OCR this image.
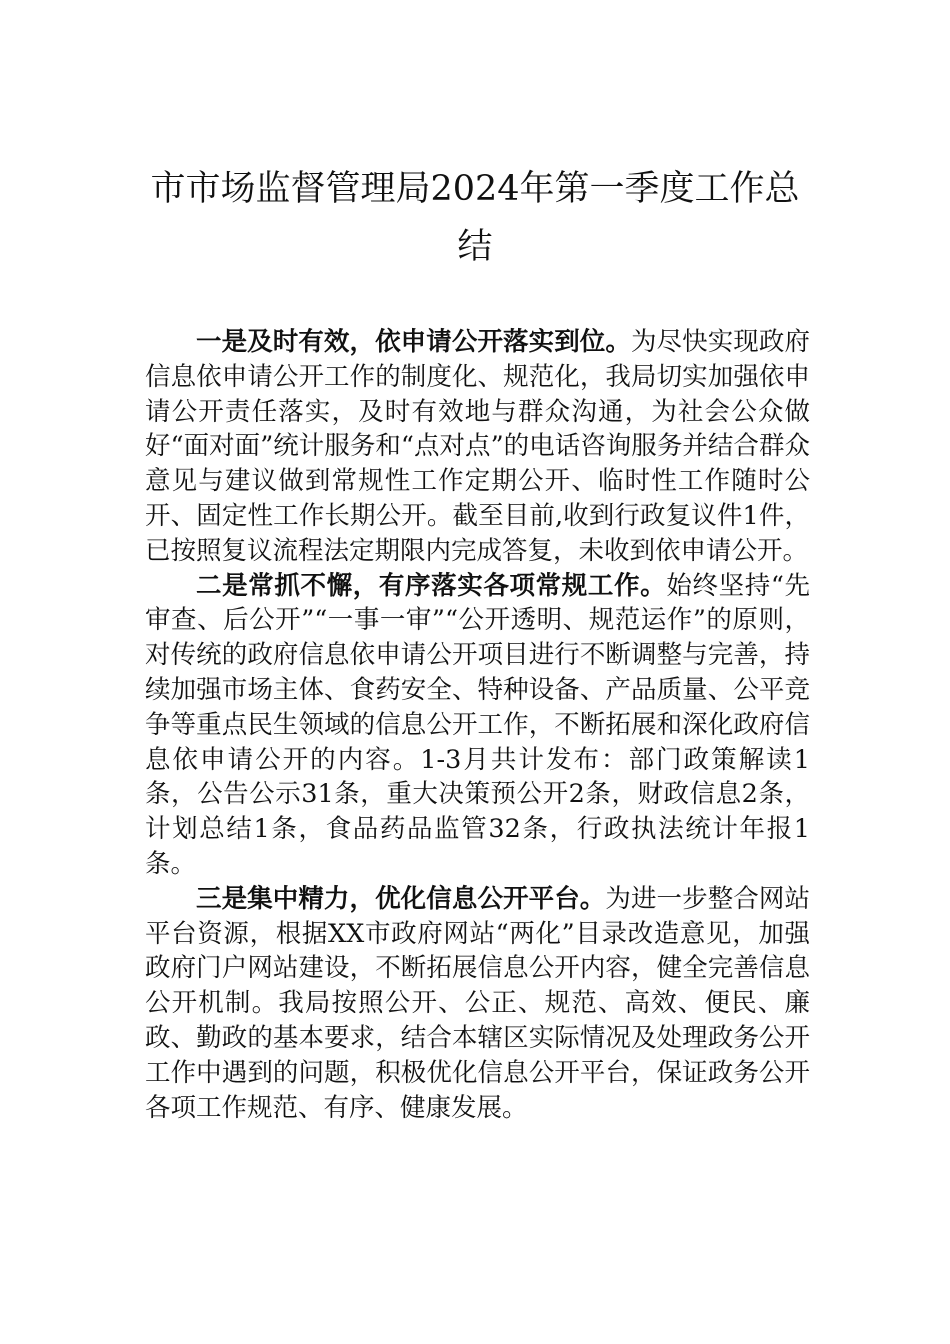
市市场监督管理局2024年第一季度工作总
结

一是及时有效，依申请公开落实到位。为尽快实现政府信息依申请公开工作的制度化、规范化，我局切实加强依申请公开责任落实，及时有效地与群众沟通，为社会公众做好“面对面”统计服务和“点对点”的电话咨询服务并结合群众意见与建议做到常规性工作定期公开、临时性工作随时公开、固定性工作长期公开。截至目前,收到行政复议件1件，已按照复议流程法定期限内完成答复，未收到依申请公开。

二是常抓不懈，有序落实各项常规工作。始终坚持“先审查、后公开”“一事一审”“公开透明、规范运作”的原则，对传统的政府信息依申请公开项目进行不断调整与完善，持续加强市场主体、食药安全、特种设备、产品质量、公平竞争等重点民生领域的信息公开工作，不断拓展和深化政府信息依申请公开的内容。1-3月共计发布：部门政策解读1条，公告公示31条，重大决策预公开2条，财政信息2条，计划总结1条，食品药品监管32条，行政执法统计年报1条。

三是集中精力，优化信息公开平台。为进一步整合网站平台资源，根据XX市政府网站“两化”目录改造意见，加强政府门户网站建设，不断拓展信息公开内容，健全完善信息公开机制。我局按照公开、公正、规范、高效、便民、廉政、勤政的基本要求，结合本辖区实际情况及处理政务公开工作中遇到的问题，积极优化信息公开平台，保证政务公开各项工作规范、有序、健康发展。
